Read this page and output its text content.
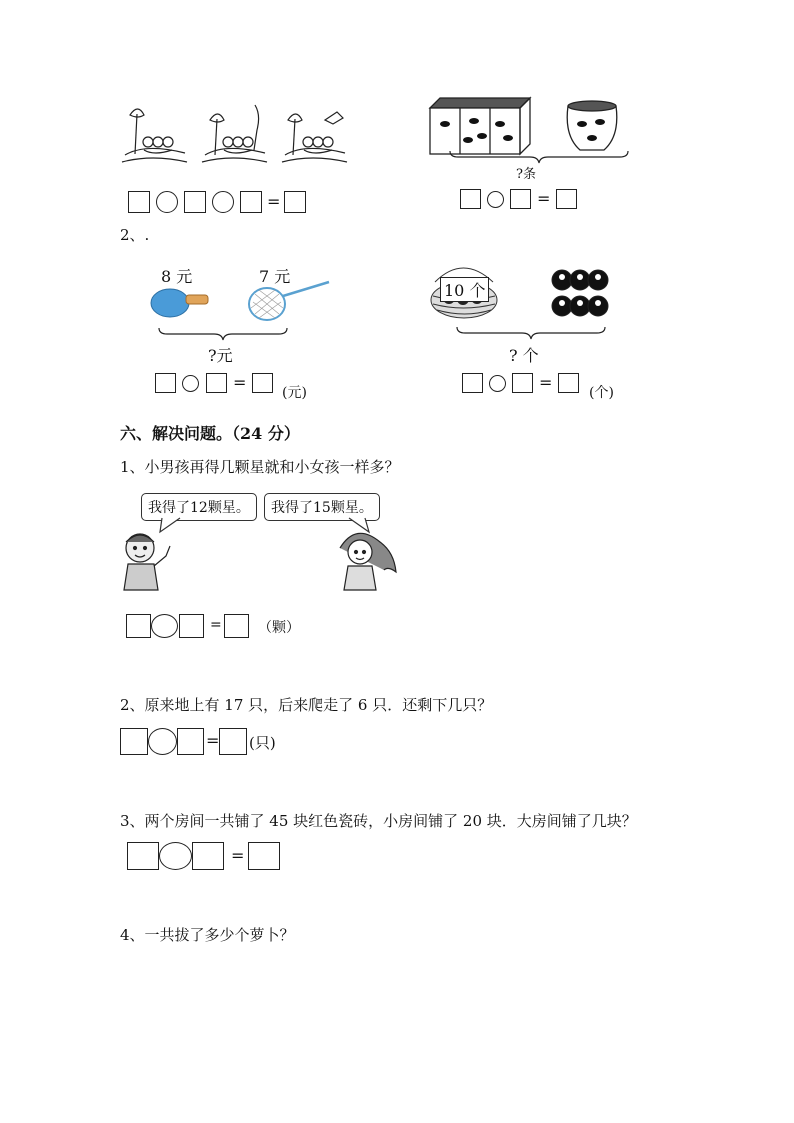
=
?条
=
2、.
8 元	7 元
?元
=
(元)
10 个
? 个
=
(个)
六、解决问题。（24 分）
1、小男孩再得几颗星就和小女孩一样多？
我得了12颗星。	我得了15颗星。
=	（颗）
2、原来地上有 17 只，后来爬走了 6 只．还剩下几只？
= (只)
3、两个房间一共铺了 45 块红色瓷砖，小房间铺了 20 块．大房间铺了几块？
=
4、一共拔了多少个萝卜？
